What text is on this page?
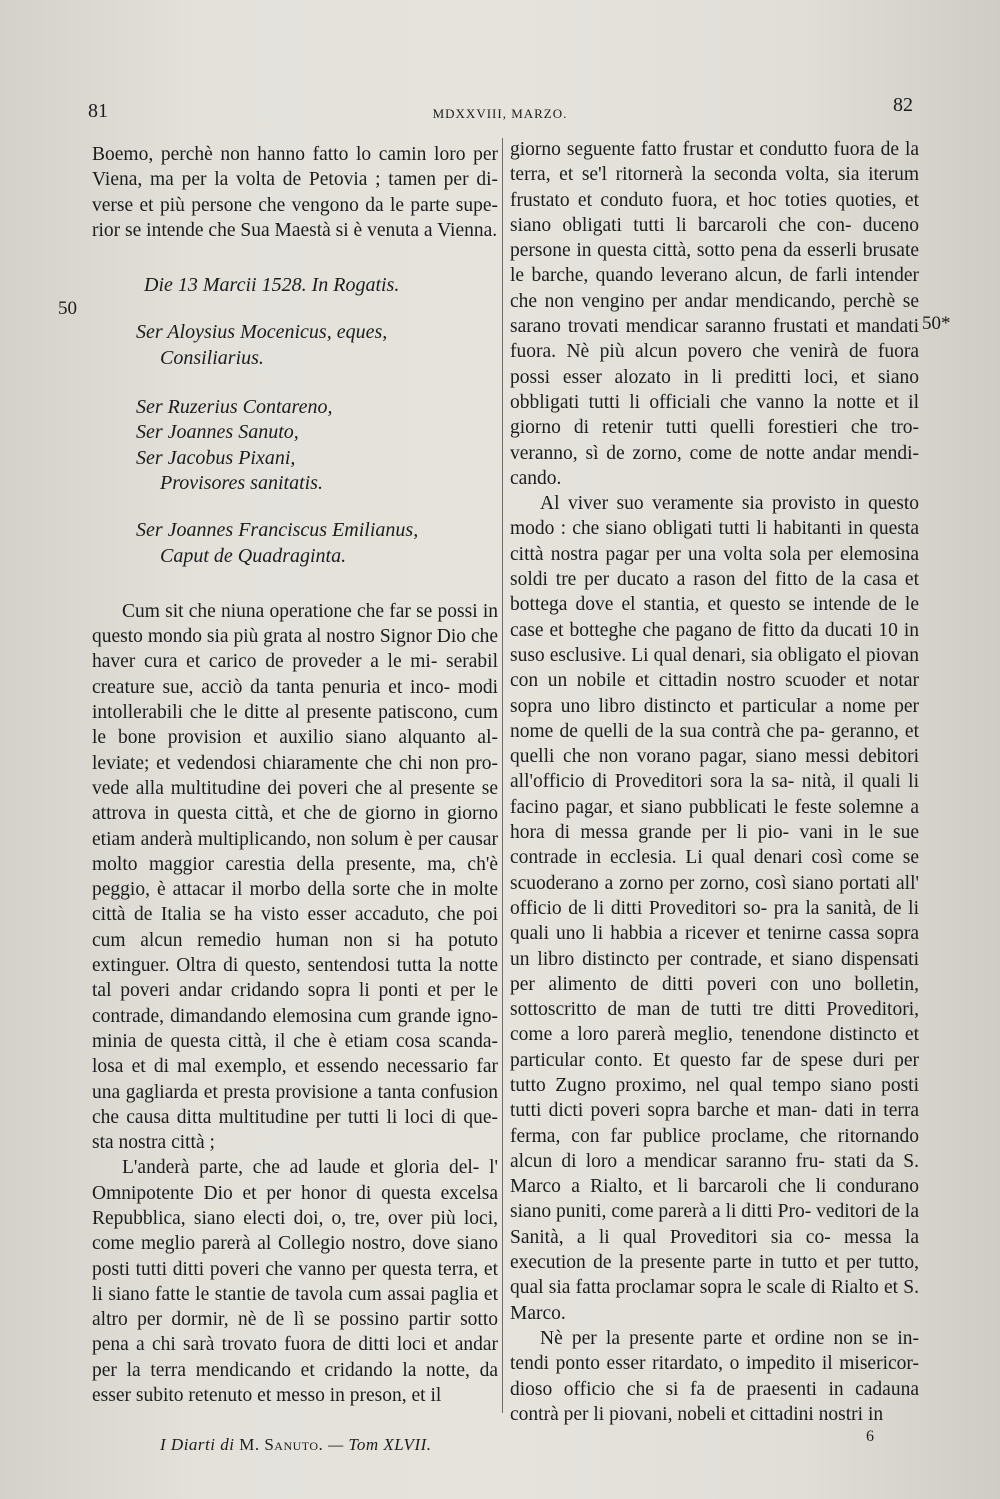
81	MDXXVIII, MARZO.	82
50
50*

Boemo, perchè non hanno fatto lo camin loro per Viena, ma per la volta de Petovia ; tamen per di- verse et più persone che vengono da le parte supe- rior se intende che Sua Maestà si è venuta a Vienna.

Die 13 Marcii 1528. In Rogatis.

Ser Aloysius Mocenicus, eques,

Consiliarius.

Ser Ruzerius Contareno,

Ser Joannes Sanuto,

Ser Jacobus Pixani,

Provisores sanitatis.

Ser Joannes Franciscus Emilianus,

Caput de Quadraginta.

Cum sit che niuna operatione che far se possi in questo mondo sia più grata al nostro Signor Dio che haver cura et carico de proveder a le mi- serabil creature sue, acciò da tanta penuria et inco- modi intollerabili che le ditte al presente patiscono, cum le bone provision et auxilio siano alquanto al- leviate; et vedendosi chiaramente che chi non pro- vede alla multitudine dei poveri che al presente se attrova in questa città, et che de giorno in giorno etiam anderà multiplicando, non solum è per causar molto maggior carestia della presente, ma, ch'è peggio, è attacar il morbo della sorte che in molte città de Italia se ha visto esser accaduto, che poi cum alcun remedio human non si ha potuto extinguer. Oltra di questo, sentendosi tutta la notte tal poveri andar cridando sopra li ponti et per le contrade, dimandando elemosina cum grande igno- minia de questa città, il che è etiam cosa scanda- losa et di mal exemplo, et essendo necessario far una gagliarda et presta provisione a tanta confusion che causa ditta multitudine per tutti li loci di que- sta nostra città ;

L'anderà parte, che ad laude et gloria del- l' Omnipotente Dio et per honor di questa excelsa Repubblica, siano electi doi, o, tre, over più loci, come meglio parerà al Collegio nostro, dove siano posti tutti ditti poveri che vanno per questa terra, et li siano fatte le stantie de tavola cum assai paglia et altro per dormir, nè de lì se possino partir sotto pena a chi sarà trovato fuora de ditti loci et andar per la terra mendicando et cridando la notte, da esser subito retenuto et messo in preson, et il

giorno seguente fatto frustar et condutto fuora de la terra, et se'l ritornerà la seconda volta, sia iterum frustato et conduto fuora, et hoc toties quoties, et siano obligati tutti li barcaroli che con- duceno persone in questa città, sotto pena da esserli brusate le barche, quando leverano alcun, de farli intender che non vengino per andar mendicando, perchè se sarano trovati mendicar saranno frustati et mandati fuora. Nè più alcun povero che venirà de fuora possi esser alozato in li preditti loci, et siano obbligati tutti li officiali che vanno la notte et il giorno di retenir tutti quelli forestieri che tro- veranno, sì de zorno, come de notte andar mendi- cando.

Al viver suo veramente sia provisto in questo modo : che siano obligati tutti li habitanti in questa città nostra pagar per una volta sola per elemosina soldi tre per ducato a rason del fitto de la casa et bottega dove el stantia, et questo se intende de le case et botteghe che pagano de fitto da ducati 10 in suso esclusive. Li qual denari, sia obligato el piovan con un nobile et cittadin nostro scuoder et notar sopra uno libro distincto et particular a nome per nome de quelli de la sua contrà che pa- geranno, et quelli che non vorano pagar, siano messi debitori all'officio di Proveditori sora la sa- nità, il quali li facino pagar, et siano pubblicati le feste solemne a hora di messa grande per li pio- vani in le sue contrade in ecclesia. Li qual denari così come se scuoderano a zorno per zorno, così siano portati all' officio de li ditti Proveditori so- pra la sanità, de li quali uno li habbia a ricever et tenirne cassa sopra un libro distincto per contrade, et siano dispensati per alimento de ditti poveri con uno bolletin, sottoscritto de man de tutti tre ditti Proveditori, come a loro parerà meglio, tenendone distincto et particular conto. Et questo far de spese duri per tutto Zugno proximo, nel qual tempo siano posti tutti dicti poveri sopra barche et man- dati in terra ferma, con far publice proclame, che ritornando alcun di loro a mendicar saranno fru- stati da S. Marco a Rialto, et li barcaroli che li condurano siano puniti, come parerà a li ditti Pro- veditori de la Sanità, a li qual Proveditori sia co- messa la execution de la presente parte in tutto et per tutto, qual sia fatta proclamar sopra le scale di Rialto et S. Marco.

Nè per la presente parte et ordine non se in- tendi ponto esser ritardato, o impedito il misericor- dioso officio che si fa de praesenti in cadauna contrà per li piovani, nobeli et cittadini nostri in

I Diarti di M. Sanuto. — Tom XLVII.	6
